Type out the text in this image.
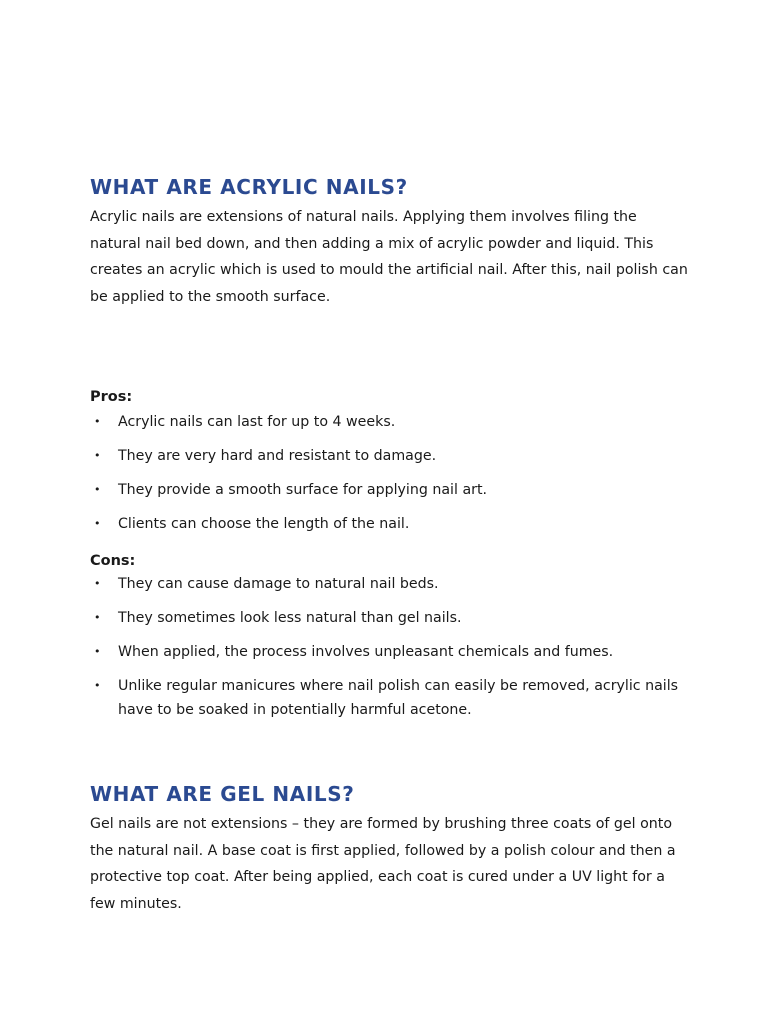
WHAT ARE ACRYLIC NAILS?

Acrylic nails are extensions of natural nails. Applying them involves filing the natural nail bed down, and then adding a mix of acrylic powder and liquid. This creates an acrylic which is used to mould the artificial nail. After this, nail polish can be applied to the smooth surface.

Pros:

• Acrylic nails can last for up to 4 weeks.
• They are very hard and resistant to damage.
• They provide a smooth surface for applying nail art.
• Clients can choose the length of the nail.

Cons:

• They can cause damage to natural nail beds.
• They sometimes look less natural than gel nails.
• When applied, the process involves unpleasant chemicals and fumes.
• Unlike regular manicures where nail polish can easily be removed, acrylic nails have to be soaked in potentially harmful acetone.
WHAT ARE GEL NAILS?

Gel nails are not extensions – they are formed by brushing three coats of gel onto the natural nail. A base coat is first applied, followed by a polish colour and then a protective top coat. After being applied, each coat is cured under a UV light for a few minutes.
